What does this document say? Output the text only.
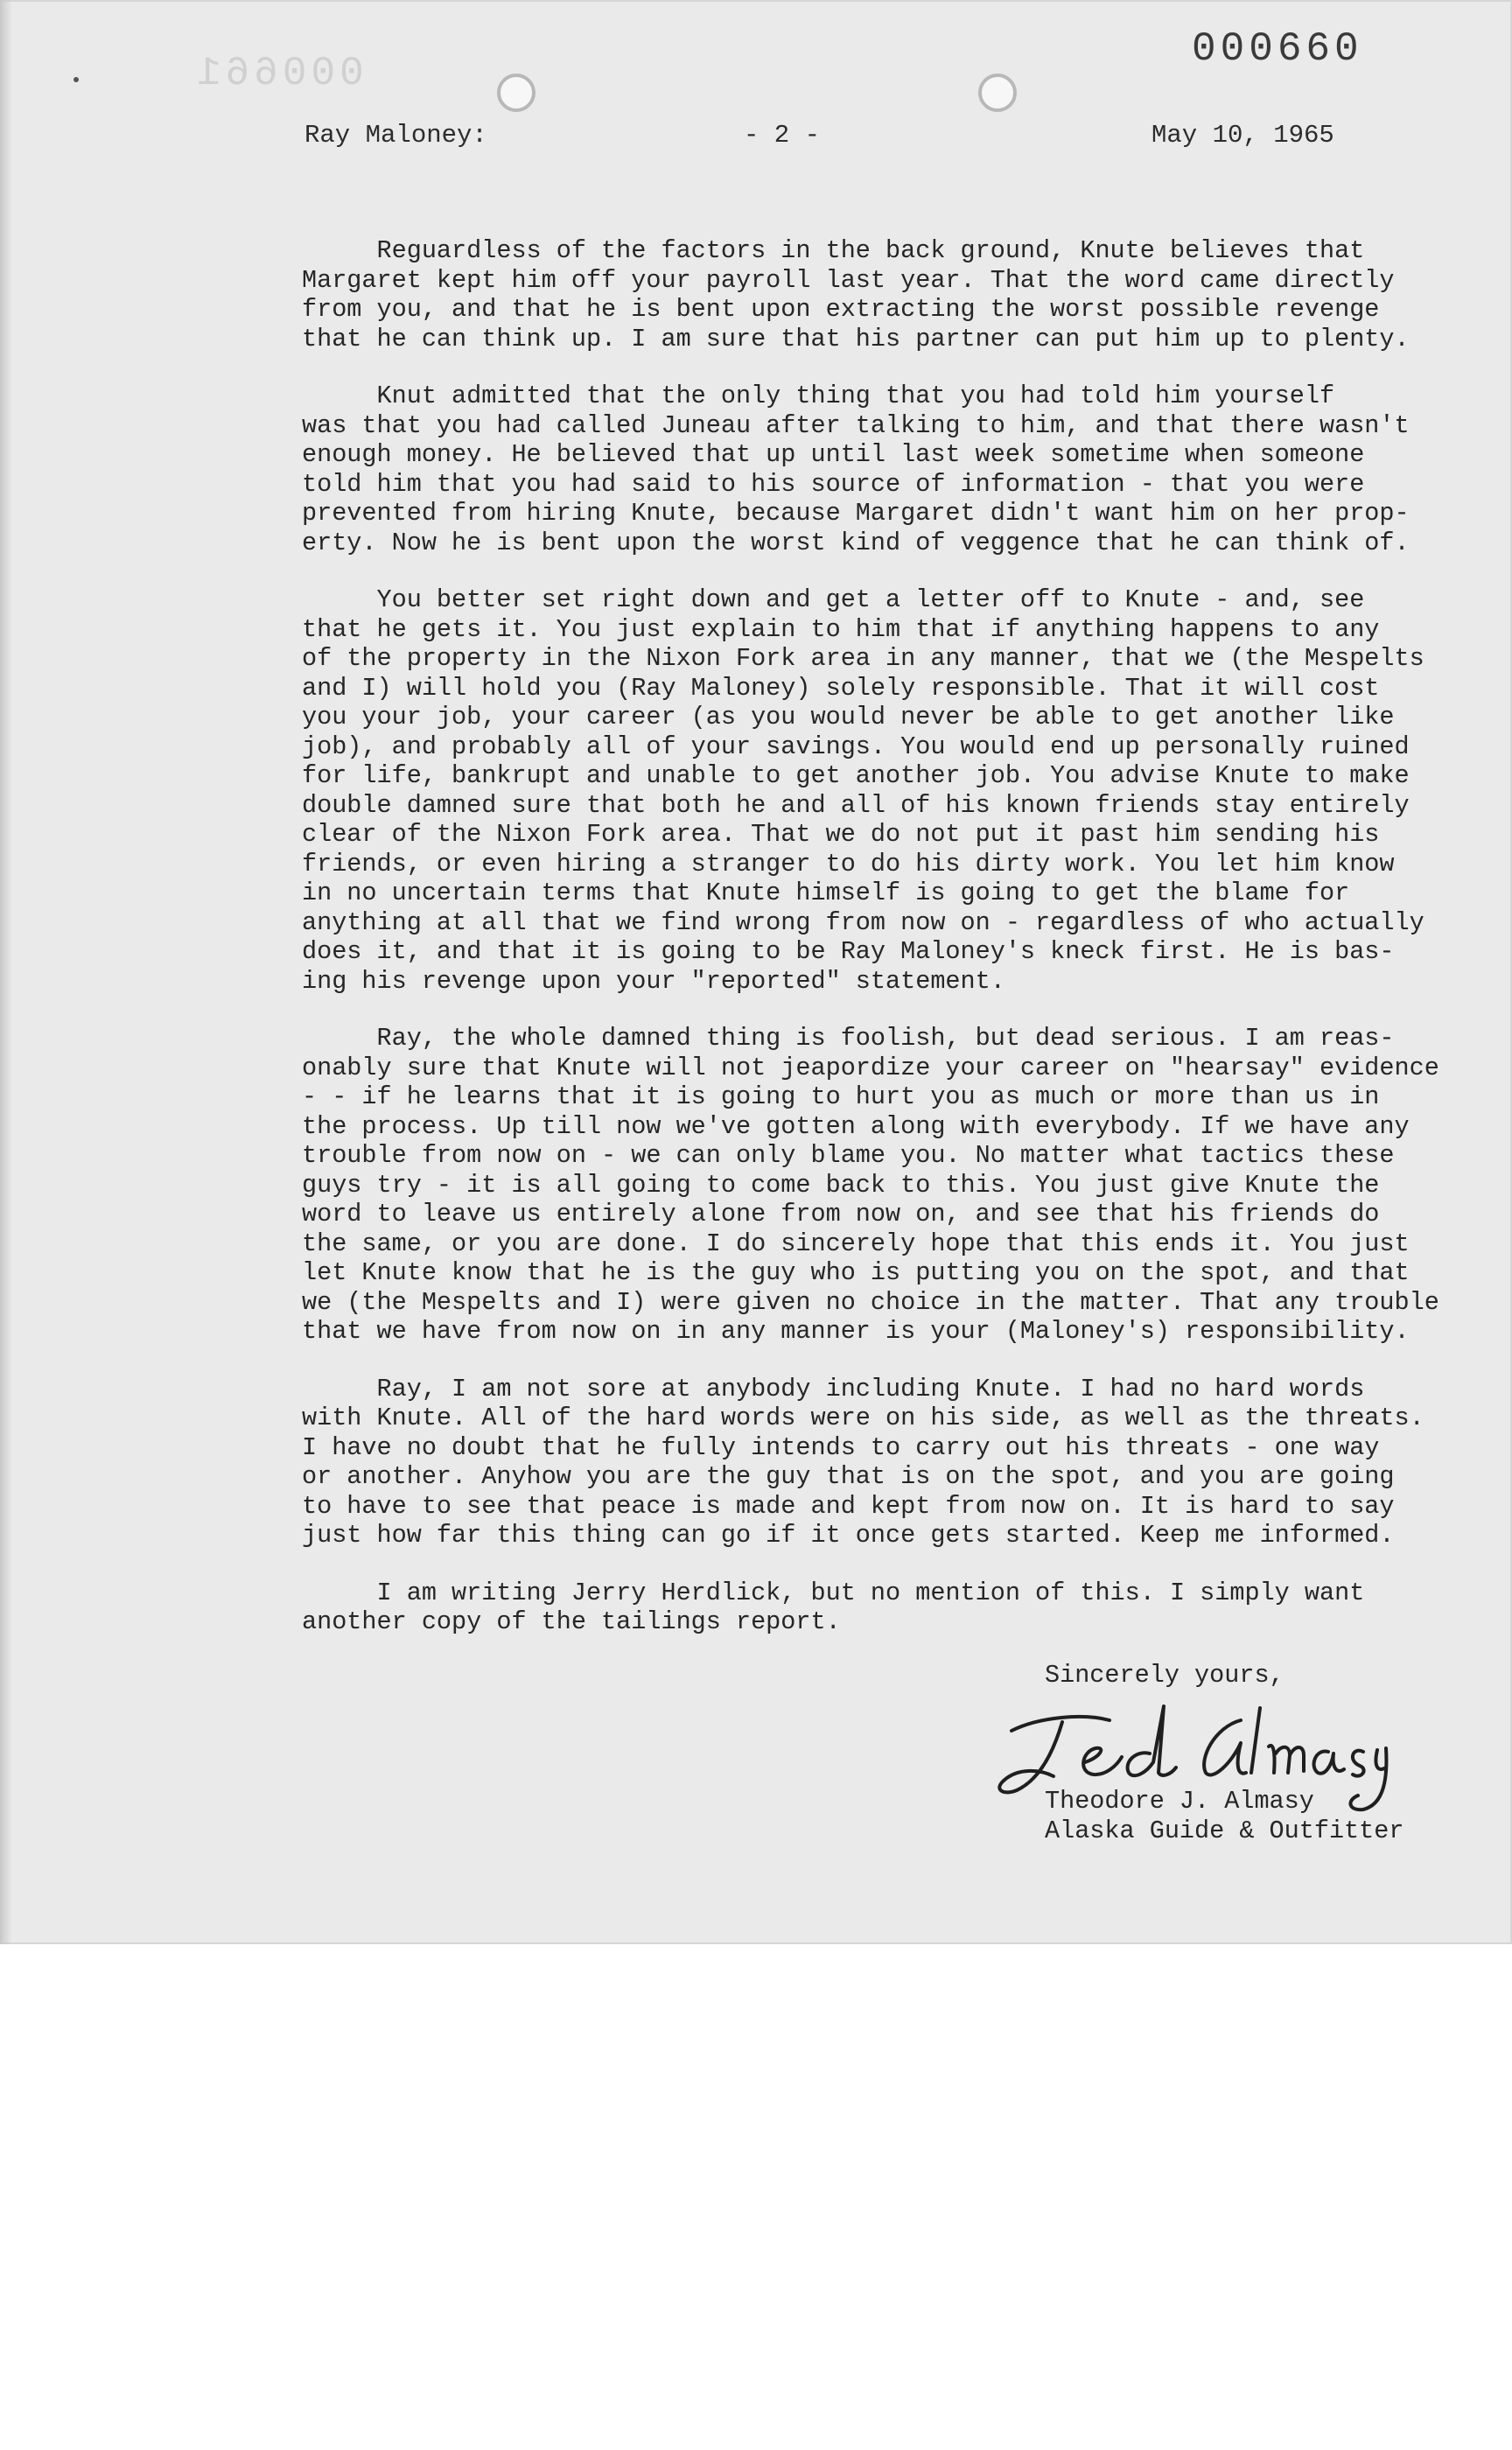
000661
000660
Ray Maloney:	- 2 -	May 10, 1965
Reguardless of the factors in the back ground, Knute believes that
Margaret kept him off your payroll last year. That the word came directly
from you, and that he is bent upon extracting the worst possible revenge
that he can think up. I am sure that his partner can put him up to plenty.
Knut admitted that the only thing that you had told him yourself
was that you had called Juneau after talking to him, and that there wasn't
enough money. He believed that up until last week sometime when someone
told him that you had said to his source of information - that you were
prevented from hiring Knute, because Margaret didn't want him on her prop-
erty. Now he is bent upon the worst kind of veggence that he can think of.
You better set right down and get a letter off to Knute - and, see
that he gets it. You just explain to him that if anything happens to any
of the property in the Nixon Fork area in any manner, that we (the Mespelts
and I) will hold you (Ray Maloney) solely responsible. That it will cost
you your job, your career (as you would never be able to get another like
job), and probably all of your savings. You would end up personally ruined
for life, bankrupt and unable to get another job. You advise Knute to make
double damned sure that both he and all of his known friends stay entirely
clear of the Nixon Fork area. That we do not put it past him sending his
friends, or even hiring a stranger to do his dirty work. You let him know
in no uncertain terms that Knute himself is going to get the blame for
anything at all that we find wrong from now on - regardless of who actually
does it, and that it is going to be Ray Maloney's kneck first. He is bas-
ing his revenge upon your "reported" statement.
Ray, the whole damned thing is foolish, but dead serious. I am reas-
onably sure that Knute will not jeapordize your career on "hearsay" evidence
- - if he learns that it is going to hurt you as much or more than us in
the process. Up till now we've gotten along with everybody. If we have any
trouble from now on - we can only blame you. No matter what tactics these
guys try - it is all going to come back to this. You just give Knute the
word to leave us entirely alone from now on, and see that his friends do
the same, or you are done. I do sincerely hope that this ends it. You just
let Knute know that he is the guy who is putting you on the spot, and that
we (the Mespelts and I) were given no choice in the matter. That any trouble
that we have from now on in any manner is your (Maloney's) responsibility.
Ray, I am not sore at anybody including Knute. I had no hard words
with Knute. All of the hard words were on his side, as well as the threats.
I have no doubt that he fully intends to carry out his threats - one way
or another. Anyhow you are the guy that is on the spot, and you are going
to have to see that peace is made and kept from now on. It is hard to say
just how far this thing can go if it once gets started. Keep me informed.
I am writing Jerry Herdlick, but no mention of this. I simply want
another copy of the tailings report.
Sincerely yours,
Theodore J. Almasy
Alaska Guide & Outfitter
